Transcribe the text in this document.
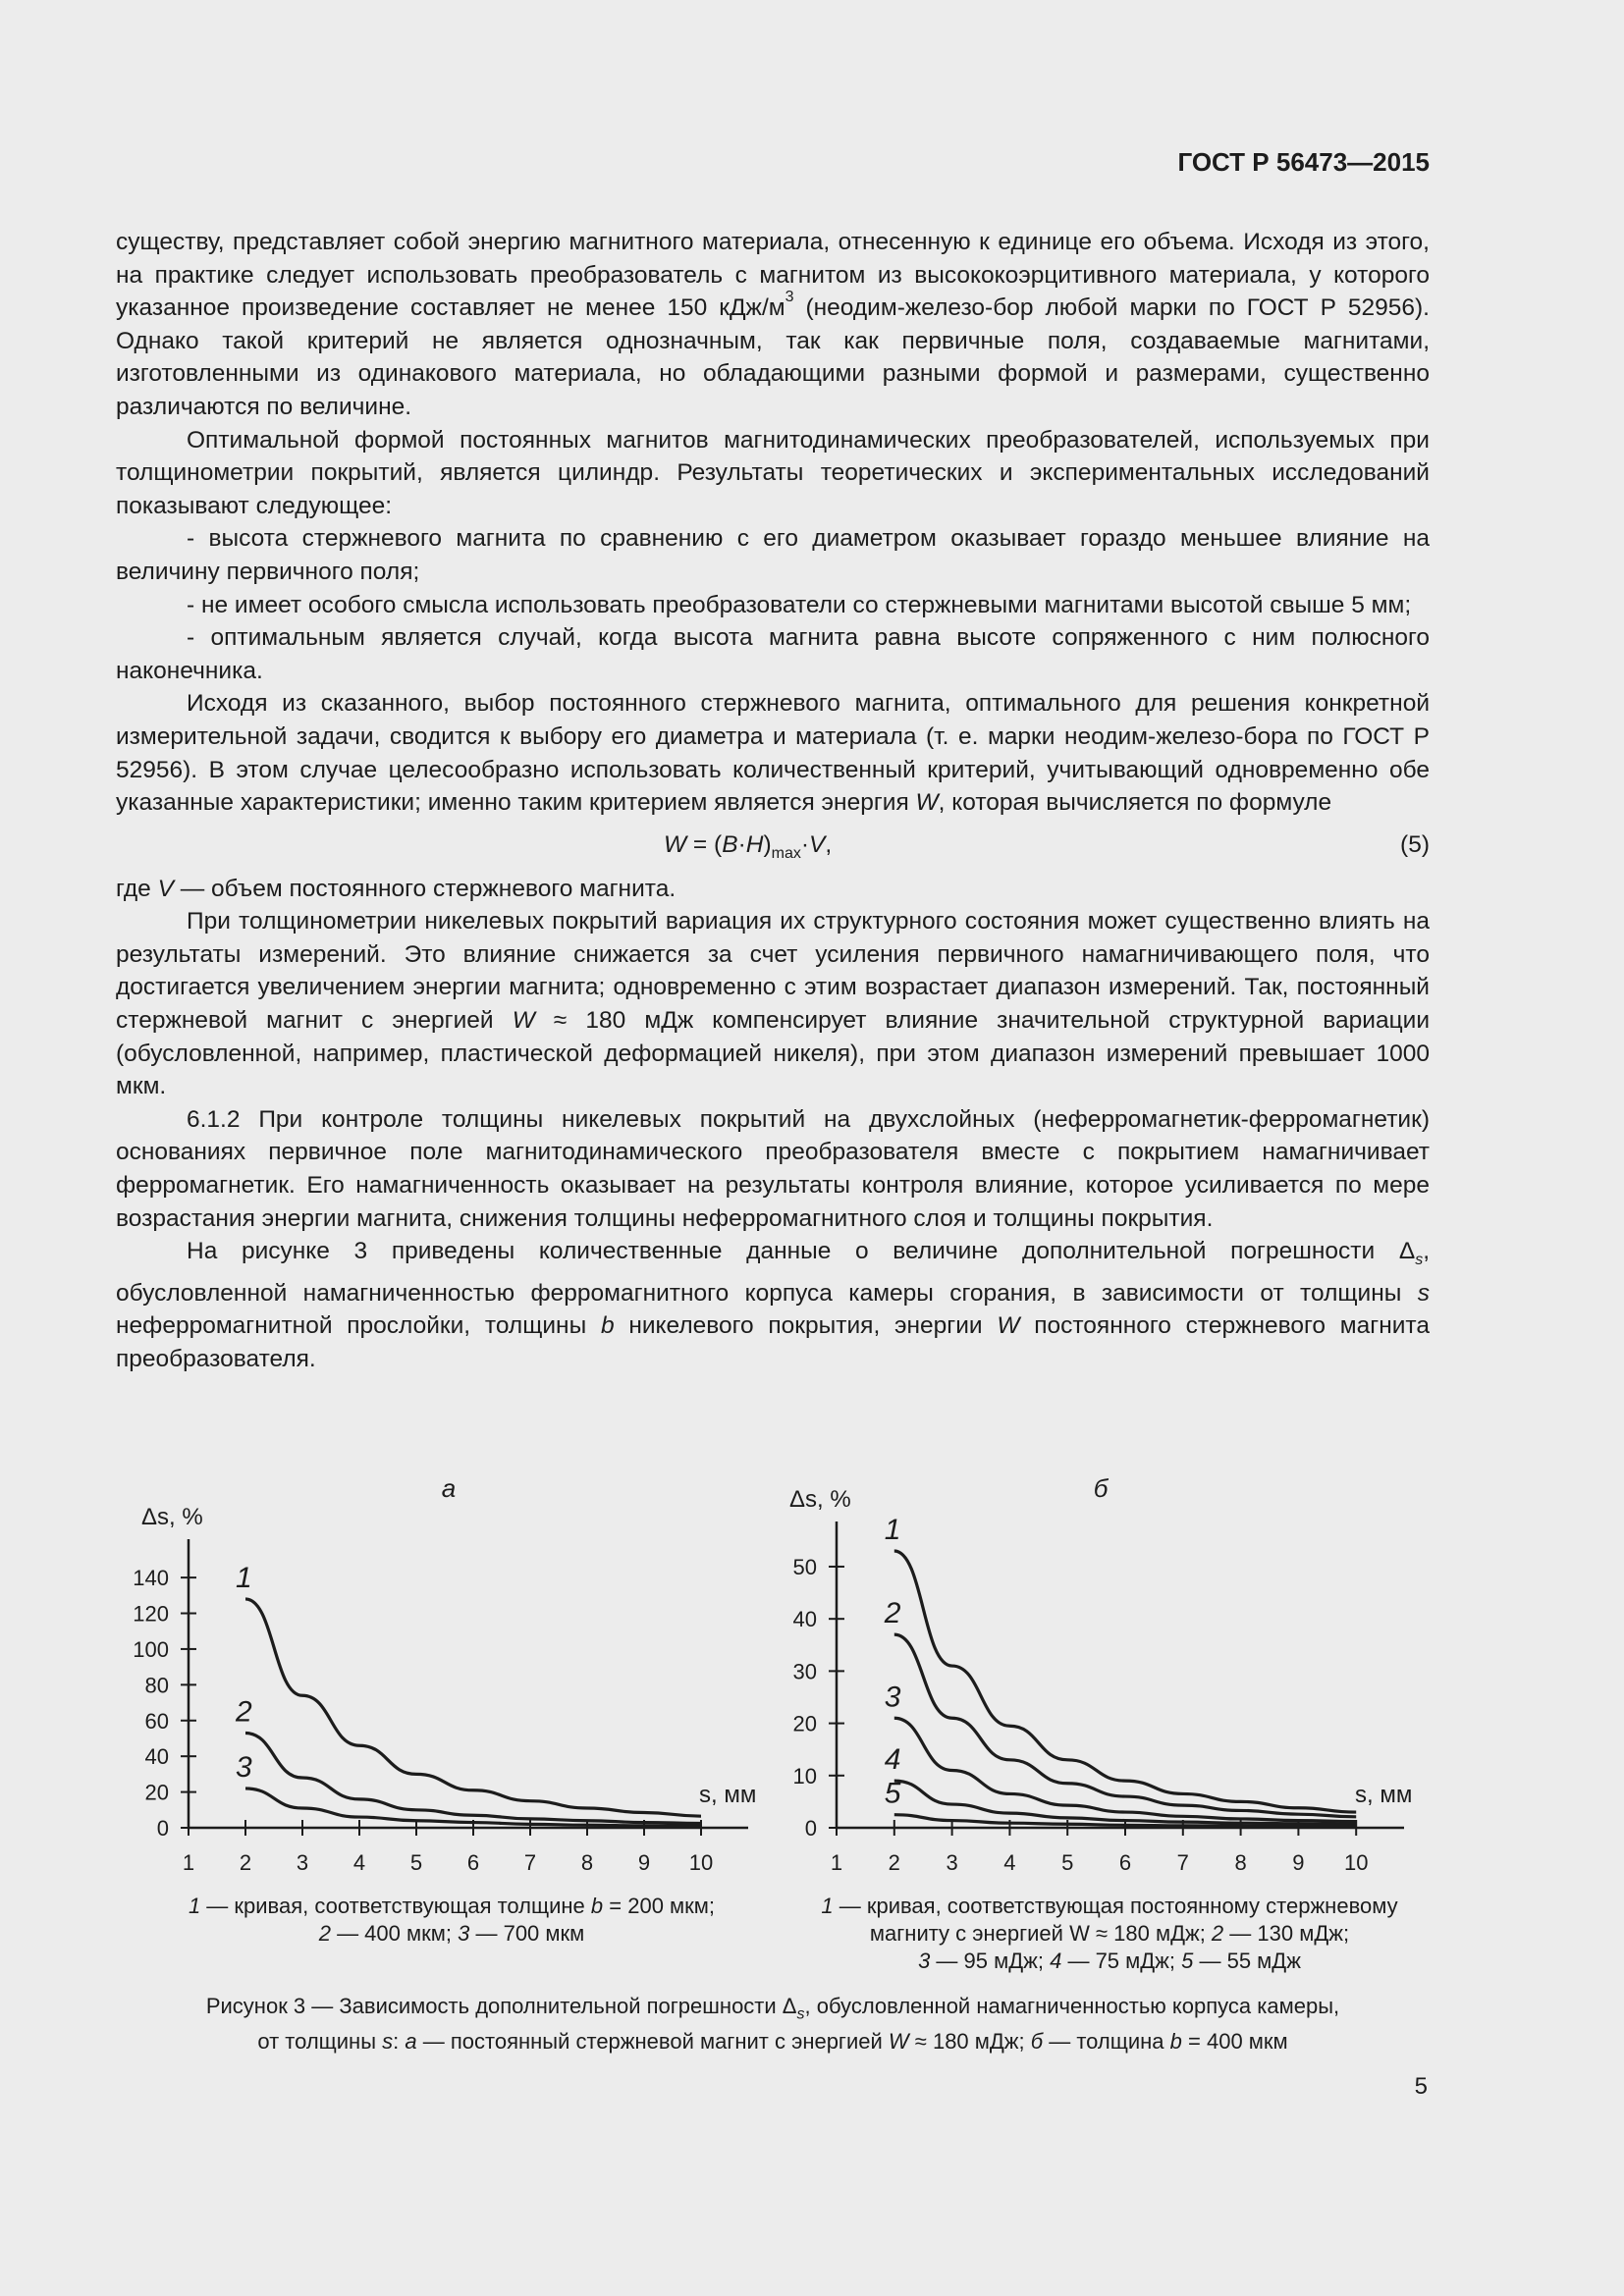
ГОСТ Р 56473—2015

существу, представляет собой энергию магнитного материала, отнесенную к единице его объема. Исходя из этого, на практике следует использовать преобразователь с магнитом из высококоэрцитивного материала, у которого указанное произведение составляет не менее 150 кДж/$м^3$ (неодим-железо-бор любой марки по ГОСТ Р 52956). Однако такой критерий не является однозначным, так как первичные поля, создаваемые магнитами, изготовленными из одинакового материала, но обладающими разными формой и размерами, существенно различаются по величине.

Оптимальной формой постоянных магнитов магнитодинамических преобразователей, используемых при толщинометрии покрытий, является цилиндр. Результаты теоретических и экспериментальных исследований показывают следующее:

- высота стержневого магнита по сравнению с его диаметром оказывает гораздо меньшее влияние на величину первичного поля;

- не имеет особого смысла использовать преобразователи со стержневыми магнитами высотой свыше 5 мм;

- оптимальным является случай, когда высота магнита равна высоте сопряженного с ним полюсного наконечника.

Исходя из сказанного, выбор постоянного стержневого магнита, оптимального для решения конкретной измерительной задачи, сводится к выбору его диаметра и материала (т. е. марки неодим-железо-бора по ГОСТ Р 52956). В этом случае целесообразно использовать количественный критерий, учитывающий одновременно обе указанные характеристики; именно таким критерием является энергия W, которая вычисляется по формуле

$W = (B\cdot H)_{max}\cdot V$,	(5)

где V — объем постоянного стержневого магнита.

При толщинометрии никелевых покрытий вариация их структурного состояния может существенно влиять на результаты измерений. Это влияние снижается за счет усиления первичного намагничивающего поля, что достигается увеличением энергии магнита; одновременно с этим возрастает диапазон измерений. Так, постоянный стержневой магнит с энергией W ≈ 180 мДж компенсирует влияние значительной структурной вариации (обусловленной, например, пластической деформацией никеля), при этом диапазон измерений превышает 1000 мкм.

6.1.2 При контроле толщины никелевых покрытий на двухслойных (неферромагнетик-ферромагнетик) основаниях первичное поле магнитодинамического преобразователя вместе с покрытием намагничивает ферромагнетик. Его намагниченность оказывает на результаты контроля влияние, которое усиливается по мере возрастания энергии магнита, снижения толщины неферромагнитного слоя и толщины покрытия.

На рисунке 3 приведены количественные данные о величине дополнительной погрешности $\Delta_s$, обусловленной намагниченностью ферромагнитного корпуса камеры сгорания, в зависимости от толщины s неферромагнитной прослойки, толщины b никелевого покрытия, энергии W постоянного стержневого магнита преобразователя.

а
Δs, %
s, мм
0
20
40
60
80
100
120
140
1 2 3 4 5 6 7 8 9 10
1
2
3
б
Δs, %
s, мм
0
10
20
30
40
50
1 2 3 4 5 6 7 8 9 10
1
2
3
4
5
1 — кривая, соответствующая толщине b = 200 мкм;
2 — 400 мкм; 3 — 700 мкм
1 — кривая, соответствующая постоянному стержневому
магниту с энергией W ≈ 180 мДж; 2 — 130 мДж;
3 — 95 мДж; 4 — 75 мДж; 5 — 55 мДж
Рисунок 3 — Зависимость дополнительной погрешности $\Delta_s$, обусловленной намагниченностью корпуса камеры,
от толщины s: а — постоянный стержневой магнит с энергией W ≈ 180 мДж; б — толщина b = 400 мкм
5
